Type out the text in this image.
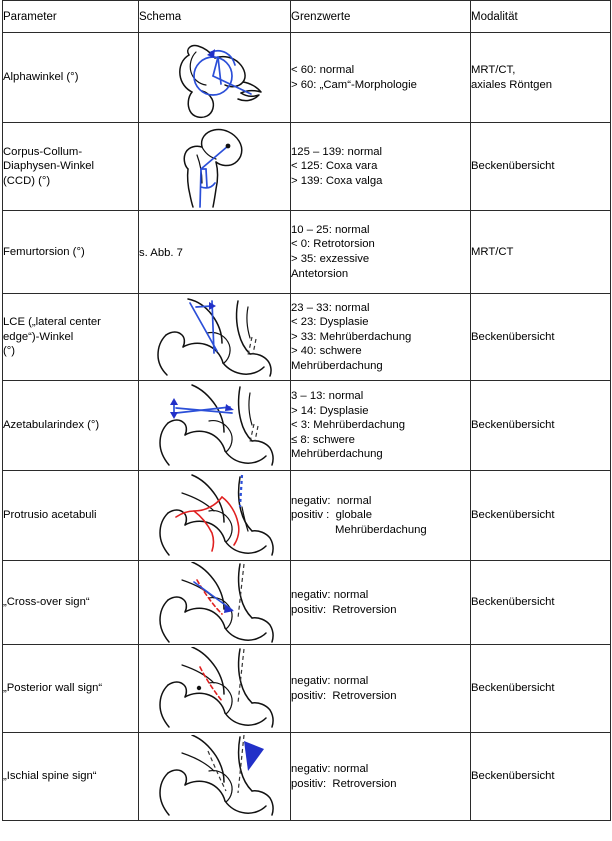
Parameter	Schema	Grenzwerte	Modalität
Alphawinkel (°)		< 60: normal
> 60: „Cam“-Morphologie	MRT/CT,
axiales Röntgen

Corpus-Collum-
Diaphysen-Winkel
(CCD) (°)		125 – 139: normal
< 125: Coxa vara
> 139: Coxa valga	Beckenübersicht

Femurtorsion (°)	s. Abb. 7	10 – 25: normal
< 0: Retrotorsion
> 35: exzessive
Antetorsion	MRT/CT

LCE („lateral center
edge“)-Winkel
(°)		23 – 33: normal
< 23: Dysplasie
> 33: Mehrüberdachung
> 40: schwere
Mehrüberdachung	Beckenübersicht

Azetabularindex (°)		3 – 13: normal
> 14: Dysplasie
< 3: Mehrüberdachung
≤ 8: schwere
Mehrüberdachung	Beckenübersicht

Protrusio acetabuli		negativ:  normal
positiv :  globale
Mehrüberdachung	Beckenübersicht

„Cross-over sign“		negativ: normal
positiv:  Retroversion	Beckenübersicht

„Posterior wall sign“		negativ: normal
positiv:  Retroversion	Beckenübersicht

„Ischial spine sign“		negativ: normal
positiv:  Retroversion	Beckenübersicht
